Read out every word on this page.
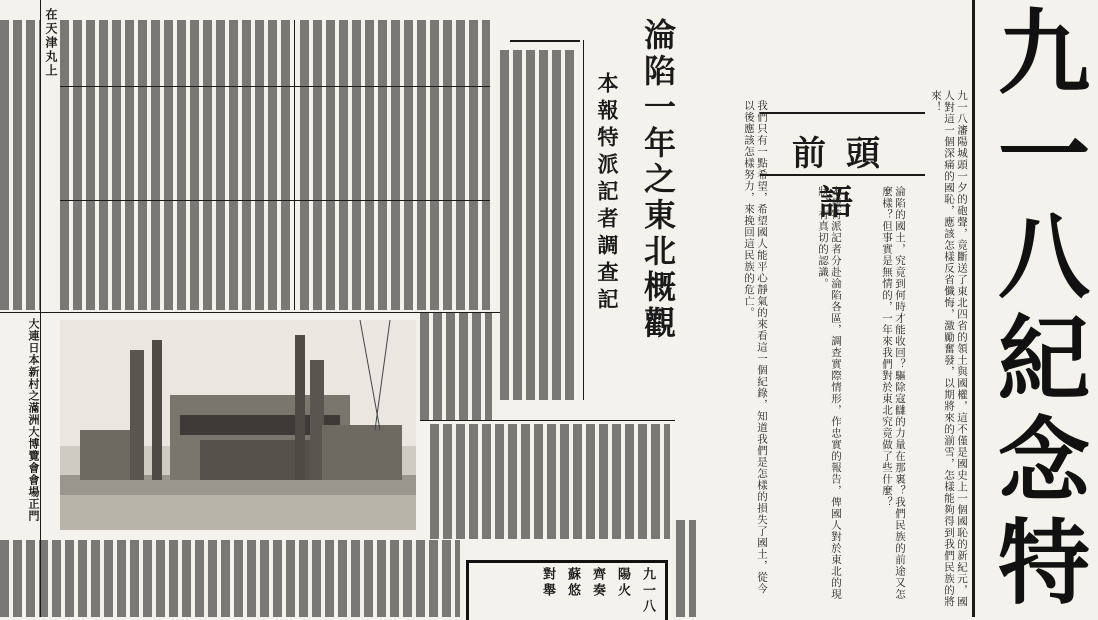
九一八紀念特
前頭語	九一八瀋陽城頭一夕的砲聲，竟斷送了東北四省的領土與國權，這不僅是國史上一個國恥的新紀元，國人對這一個深痛的國恥，應該怎樣反省懺悔，激勵奮發，以期將來的湔雪，怎樣能夠得到我們民族的將來！
淪陷的國土，究竟到何時才能收回？驅除寇讎的力量在那裏？我們民族的前途又怎麼樣？但事實是無情的，一年來我們對於東北究竟做了些什麼？
本報特派記者分赴淪陷各區，調查實際情形，作忠實的報告，俾國人對於東北的現狀，有真切的認識。
我們只有一點希望，希望國人能平心靜氣的來看這一個紀錄，知道我們是怎樣的損失了國土，從今以後應該怎樣努力，來挽回這民族的危亡。
淪陷一年之東北概觀
本報特派記者調查記
在天津丸上
大連日本新村之滿洲大博覽會會場正門
九一八
陽火
齊奏
蘇悠
對舉
